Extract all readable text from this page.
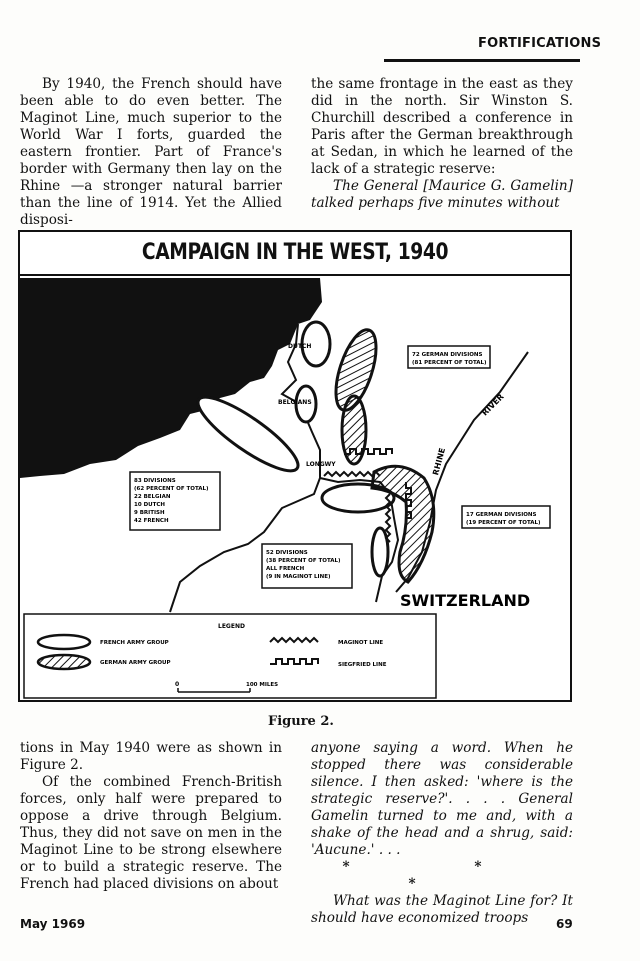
FORTIFICATIONS

By 1940, the French should have been able to do even better. The Maginot Line, much superior to the World War I forts, guarded the eastern frontier. Part of France's border with Germany then lay on the Rhine —a stronger natural barrier than the line of 1914. Yet the Allied disposi-

the same frontage in the east as they did in the north. Sir Winston S. Churchill described a conference in Paris after the German breakthrough at Sedan, in which he learned of the lack of a strategic reserve:

The General [Maurice G. Gamelin] talked perhaps five minutes without

CAMPAIGN IN THE WEST, 1940
DUTCH
BELGIANS
LONGWY
RIVER
RHINE
SWITZERLAND
72 GERMAN DIVISIONS
(81 PERCENT OF TOTAL)
83 DIVISIONS
(62 PERCENT OF TOTAL)
22 BELGIAN
10 DUTCH
9 BRITISH
42 FRENCH
17 GERMAN DIVISIONS
(19 PERCENT OF TOTAL)
52 DIVISIONS
(38 PERCENT OF TOTAL)
ALL FRENCH
(9 IN MAGINOT LINE)
LEGEND
FRENCH ARMY GROUP
GERMAN ARMY GROUP
MAGINOT LINE
SIEGFRIED LINE
0	100 MILES
Figure 2.

tions in May 1940 were as shown in Figure 2.

Of the combined French-British forces, only half were prepared to oppose a drive through Belgium. Thus, they did not save on men in the Maginot Line to be strong elsewhere or to build a strategic reserve. The French had placed divisions on about

anyone saying a word. When he stopped there was considerable silence. I then asked: 'where is the strategic reserve?'. . . . General Gamelin turned to me and, with a shake of the head and a shrug, said: 'Aucune.' . . .

* * *

What was the Maginot Line for? It should have economized troops

May 1969	69
